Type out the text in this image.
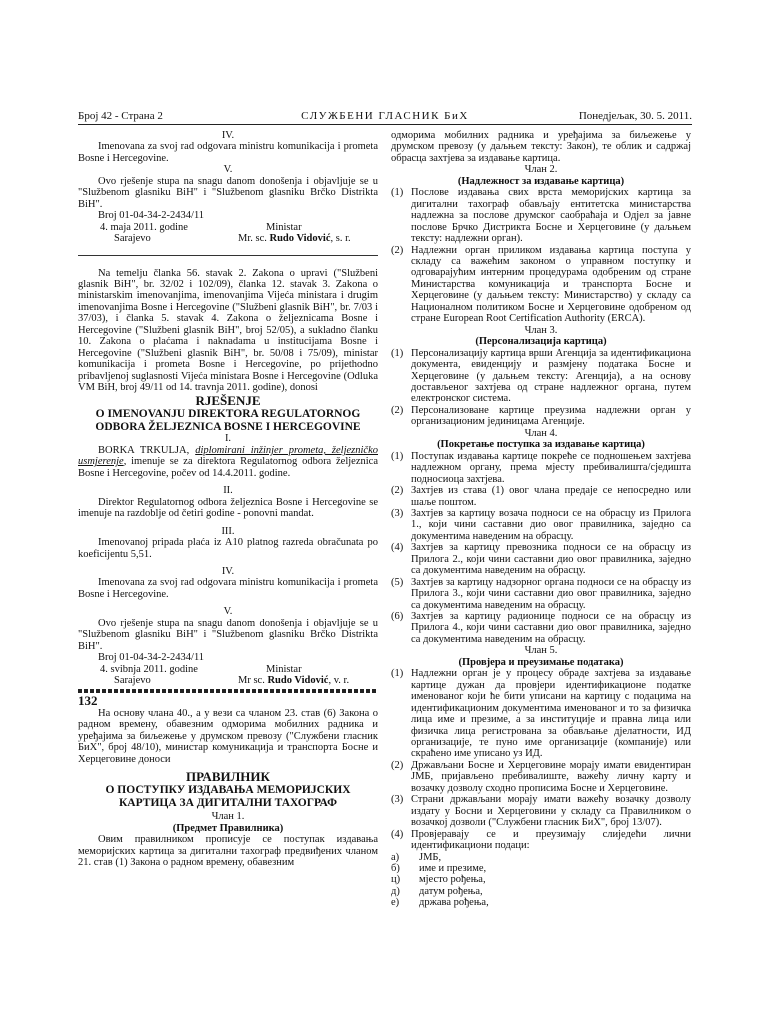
Број 42 - Страна 2	СЛУЖБЕНИ ГЛАСНИК БиХ	Понедјељак, 30. 5. 2011.

IV.

Imenovana za svoj rad odgovara ministru komunikacija i prometa Bosne i Hercegovine.

V.

Ovo rješenje stupa na snagu danom donošenja i objavljuje se u "Službenom glasniku BiH" i "Službenom glasniku Brčko Distrikta BiH".

Broj 01-04-34-2-2434/11

4. maja 2011. godine	Ministar
Sarajevo	Mr. sc. Rudo Vidović, s. r.

Na temelju članka 56. stavak 2. Zakona o upravi ("Službeni glasnik BiH", br. 32/02 i 102/09), članka 12. stavak 3. Zakona o ministarskim imenovanjima, imenovanjima Vijeća ministara i drugim imenovanjima Bosne i Hercegovine ("Službeni glasnik BiH", br. 7/03 i 37/03), i članka 5. stavak 4. Zakona o željeznicama Bosne i Hercegovine ("Službeni glasnik BiH", broj 52/05), a sukladno članku 10. Zakona o plaćama i naknadama u institucijama Bosne i Hercegovine ("Službeni glasnik BiH", br. 50/08 i 75/09), ministar komunikacija i prometa Bosne i Hercegovine, po prijethodno pribavljenoj suglasnosti Vijeća ministara Bosne i Hercegovine (Odluka VM BiH, broj 49/11 od 14. travnja 2011. godine), donosi

RJEŠENJE

O IMENOVANJU DIREKTORA REGULATORNOG ODBORA ŽELJEZNICA BOSNE I HERCEGOVINE

I.

BORKA TRKULJA, diplomirani inžinjer prometa, željezničko usmjerenje, imenuje se za direktora Regulatornog odbora željeznica Bosne i Hercegovine, počev od 14.4.2011. godine.

II.

Direktor Regulatornog odbora željeznica Bosne i Hercegovine se imenuje na razdoblje od četiri godine - ponovni mandat.

III.

Imenovanoj pripada plaća iz A10 platnog razreda obračunata po koeficijentu 5,51.

IV.

Imenovana za svoj rad odgovara ministru komunikacija i prometa Bosne i Hercegovine.

V.

Ovo rješenje stupa na snagu danom donošenja i objavljuje se u "Službenom glasniku BiH" i "Službenom glasniku Brčko Distrikta BiH".

Broj 01-04-34-2-2434/11

4. svibnja 2011. godine	Ministar
Sarajevo	Mr sc. Rudo Vidović, v. r.
132

На основу члана 40., а у вези са чланом 23. став (6) Закона о радном времену, обавезним одморима мобилних радника и уређајима за биљежење у друмском превозу ("Службени гласник БиХ", број 48/10), министар комуникација и транспорта Босне и Херцеговине доноси

ПРАВИЛНИК

О ПОСТУПКУ ИЗДАВАЊА МЕМОРИЈСКИХ КАРТИЦА ЗА ДИГИТАЛНИ ТАХОГРАФ

Члан 1.

(Предмет Правилника)

Овим правилником прописује се поступак издавања меморијских картица за дигитални тахограф предвиђених чланом 21. став (1) Закона о радном времену, обавезним

одморима мобилних радника и уређајима за биљежење у друмском превозу (у даљњем тексту: Закон), те облик и садржај обрасца захтјева за издавање картица.

Члан 2.

(Надлежност за издавање картица)

(1) Послове издавања свих врста меморијских картица за дигитални тахограф обављају ентитетска министарства надлежна за послове друмског саобраћаја и Одјел за јавне послове Брчко Дистрикта Босне и Херцеговине (у даљњем тексту: надлежни орган).
(2) Надлежни орган приликом издавања картица поступа у складу са важећим законом о управном поступку и одговарајућим интерним процедурама одобреним од стране Министарства комуникација и транспорта Босне и Херцеговине (у даљњем тексту: Министарство) у складу са Националном политиком Босне и Херцеговине одобреном од стране European Root Certification Authority (ERCA).

Члан 3.

(Персонализација картица)

(1) Персонализацију картица врши Агенција за идентификациона документа, евиденцију и размјену података Босне и Херцеговине (у даљњем тексту: Агенција), а на основу достављеног захтјева од стране надлежног органа, путем електронског система.
(2) Персонализоване картице преузима надлежни орган у организационим јединицама Агенције.

Члан 4.

(Покретање поступка за издавање картица)

(1) Поступак издавања картице покреће се подношењем захтјева надлежном органу, према мјесту пребивалишта/сједишта подносиоца захтјева.
(2) Захтјев из става (1) овог члана предаје се непосредно или шаље поштом.
(3) Захтјев за картицу возача подноси се на обрасцу из Прилога 1., који чини саставни дио овог правилника, заједно са документима наведеним на обрасцу.
(4) Захтјев за картицу превозника подноси се на обрасцу из Прилога 2., који чини саставни дио овог правилника, заједно са документима наведеним на обрасцу.
(5) Захтјев за картицу надзорног органа подноси се на обрасцу из Прилога 3., који чини саставни дио овог правилника, заједно са документима наведеним на обрасцу.
(6) Захтјев за картицу радионице подноси се на обрасцу из Прилога 4., који чини саставни дио овог правилника, заједно са документима наведеним на обрасцу.

Члан 5.

(Провјера и преузимање података)

(1) Надлежни орган је у процесу обраде захтјева за издавање картице дужан да провјери идентификационе податке именованог који ће бити уписани на картицу с подацима на идентификационим документима именованог и то за физичка лица име и презиме, а за институције и правна лица или физичка лица регистрована за обављање дјелатности, ИД организације, те пуно име организације (компаније) или скраћено име уписано уз ИД.
(2) Држављани Босне и Херцеговине морају имати евидентиран ЈМБ, пријављено пребивалиште, важећу личну карту и возачку дозволу сходно прописима Босне и Херцеговине.
(3) Страни држављани морају имати важећу возачку дозволу издату у Босни и Херцеговини у складу са Правилником о возачкој дозволи ("Службени гласник БиХ", број 13/07).
(4) Провјеравају се и преузимају слиједећи лични идентификациони подаци:
а)	ЈМБ,
б)	име и презиме,
ц)	мјесто рођења,
д)	датум рођења,
е)	држава рођења,
